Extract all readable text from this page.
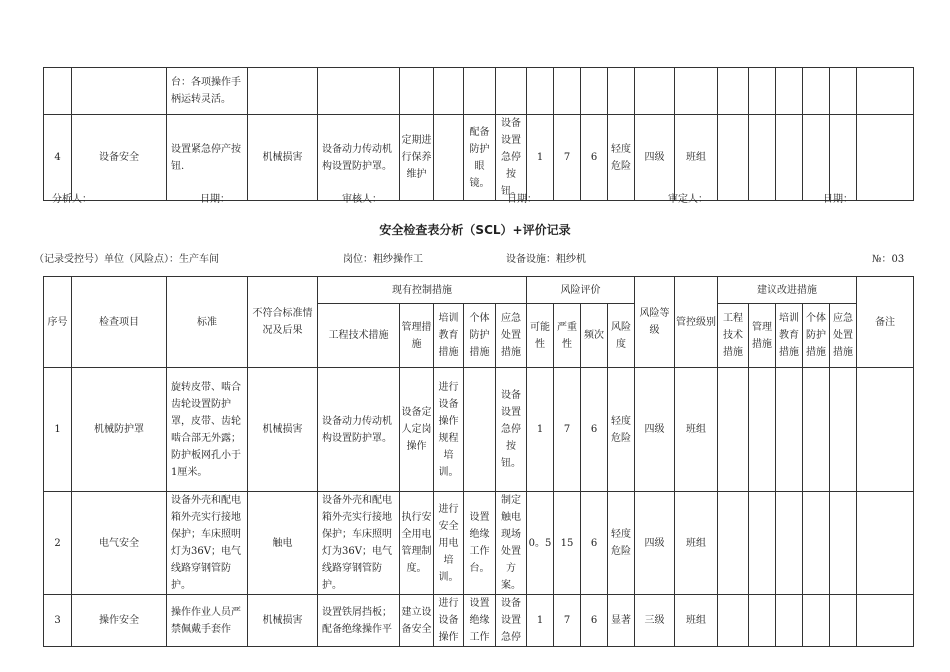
		台：各项操作手柄运转灵活。																		
4	设备安全	设置紧急停产按钮.	机械损害	设备动力传动机构设置防护罩。	定期进行保养维护		配备防护眼镜。	设备设置急停按钮。	1	7	6	轻度危险	四级	班组						
分析人：	日期：	审核人：	日期：	审定人：	日期：
安全检查表分析（SCL）+评价记录
（记录受控号）单位（风险点）：生产车间	岗位：粗纱操作工	设备设施：粗纱机	№：03
序号	检查项目	标准	不符合标准情况及后果	现有控制措施					风险评价				风险等级	管控级别	建议改进措施					备注
				工程技术措施	管理措施	培训教育措施	个体防护措施	应急处置措施	可能性	严重性	频次	风险度			工程技术措施	管理措施	培训教育措施	个体防护措施	应急处置措施	
1	机械防护罩	旋转皮带、啮合齿轮设置防护罩，皮带、齿轮啮合部无外露；防护板网孔小于1厘米。	机械损害	设备动力传动机构设置防护罩。	设备定人定岗操作	进行设备操作规程培训。		设备设置急停按钮。	1	7	6	轻度危险	四级	班组						
2	电气安全	设备外壳和配电箱外壳实行接地保护；车床照明灯为36V；电气线路穿钢管防护。	触电	设备外壳和配电箱外壳实行接地保护；车床照明灯为36V；电气线路穿钢管防护。	执行安全用电管理制度。	进行安全用电培训。	设置绝缘工作台。	制定触电现场处置方案。	0。5	15	6	轻度危险	四级	班组						
3	操作安全	操作作业人员严禁佩戴手套作	机械损害	设置铁屑挡板；配备绝缘操作平	建立设备安全	进行设备操作	设置绝缘工作	设备设置急停	1	7	6	显著	三级	班组						
